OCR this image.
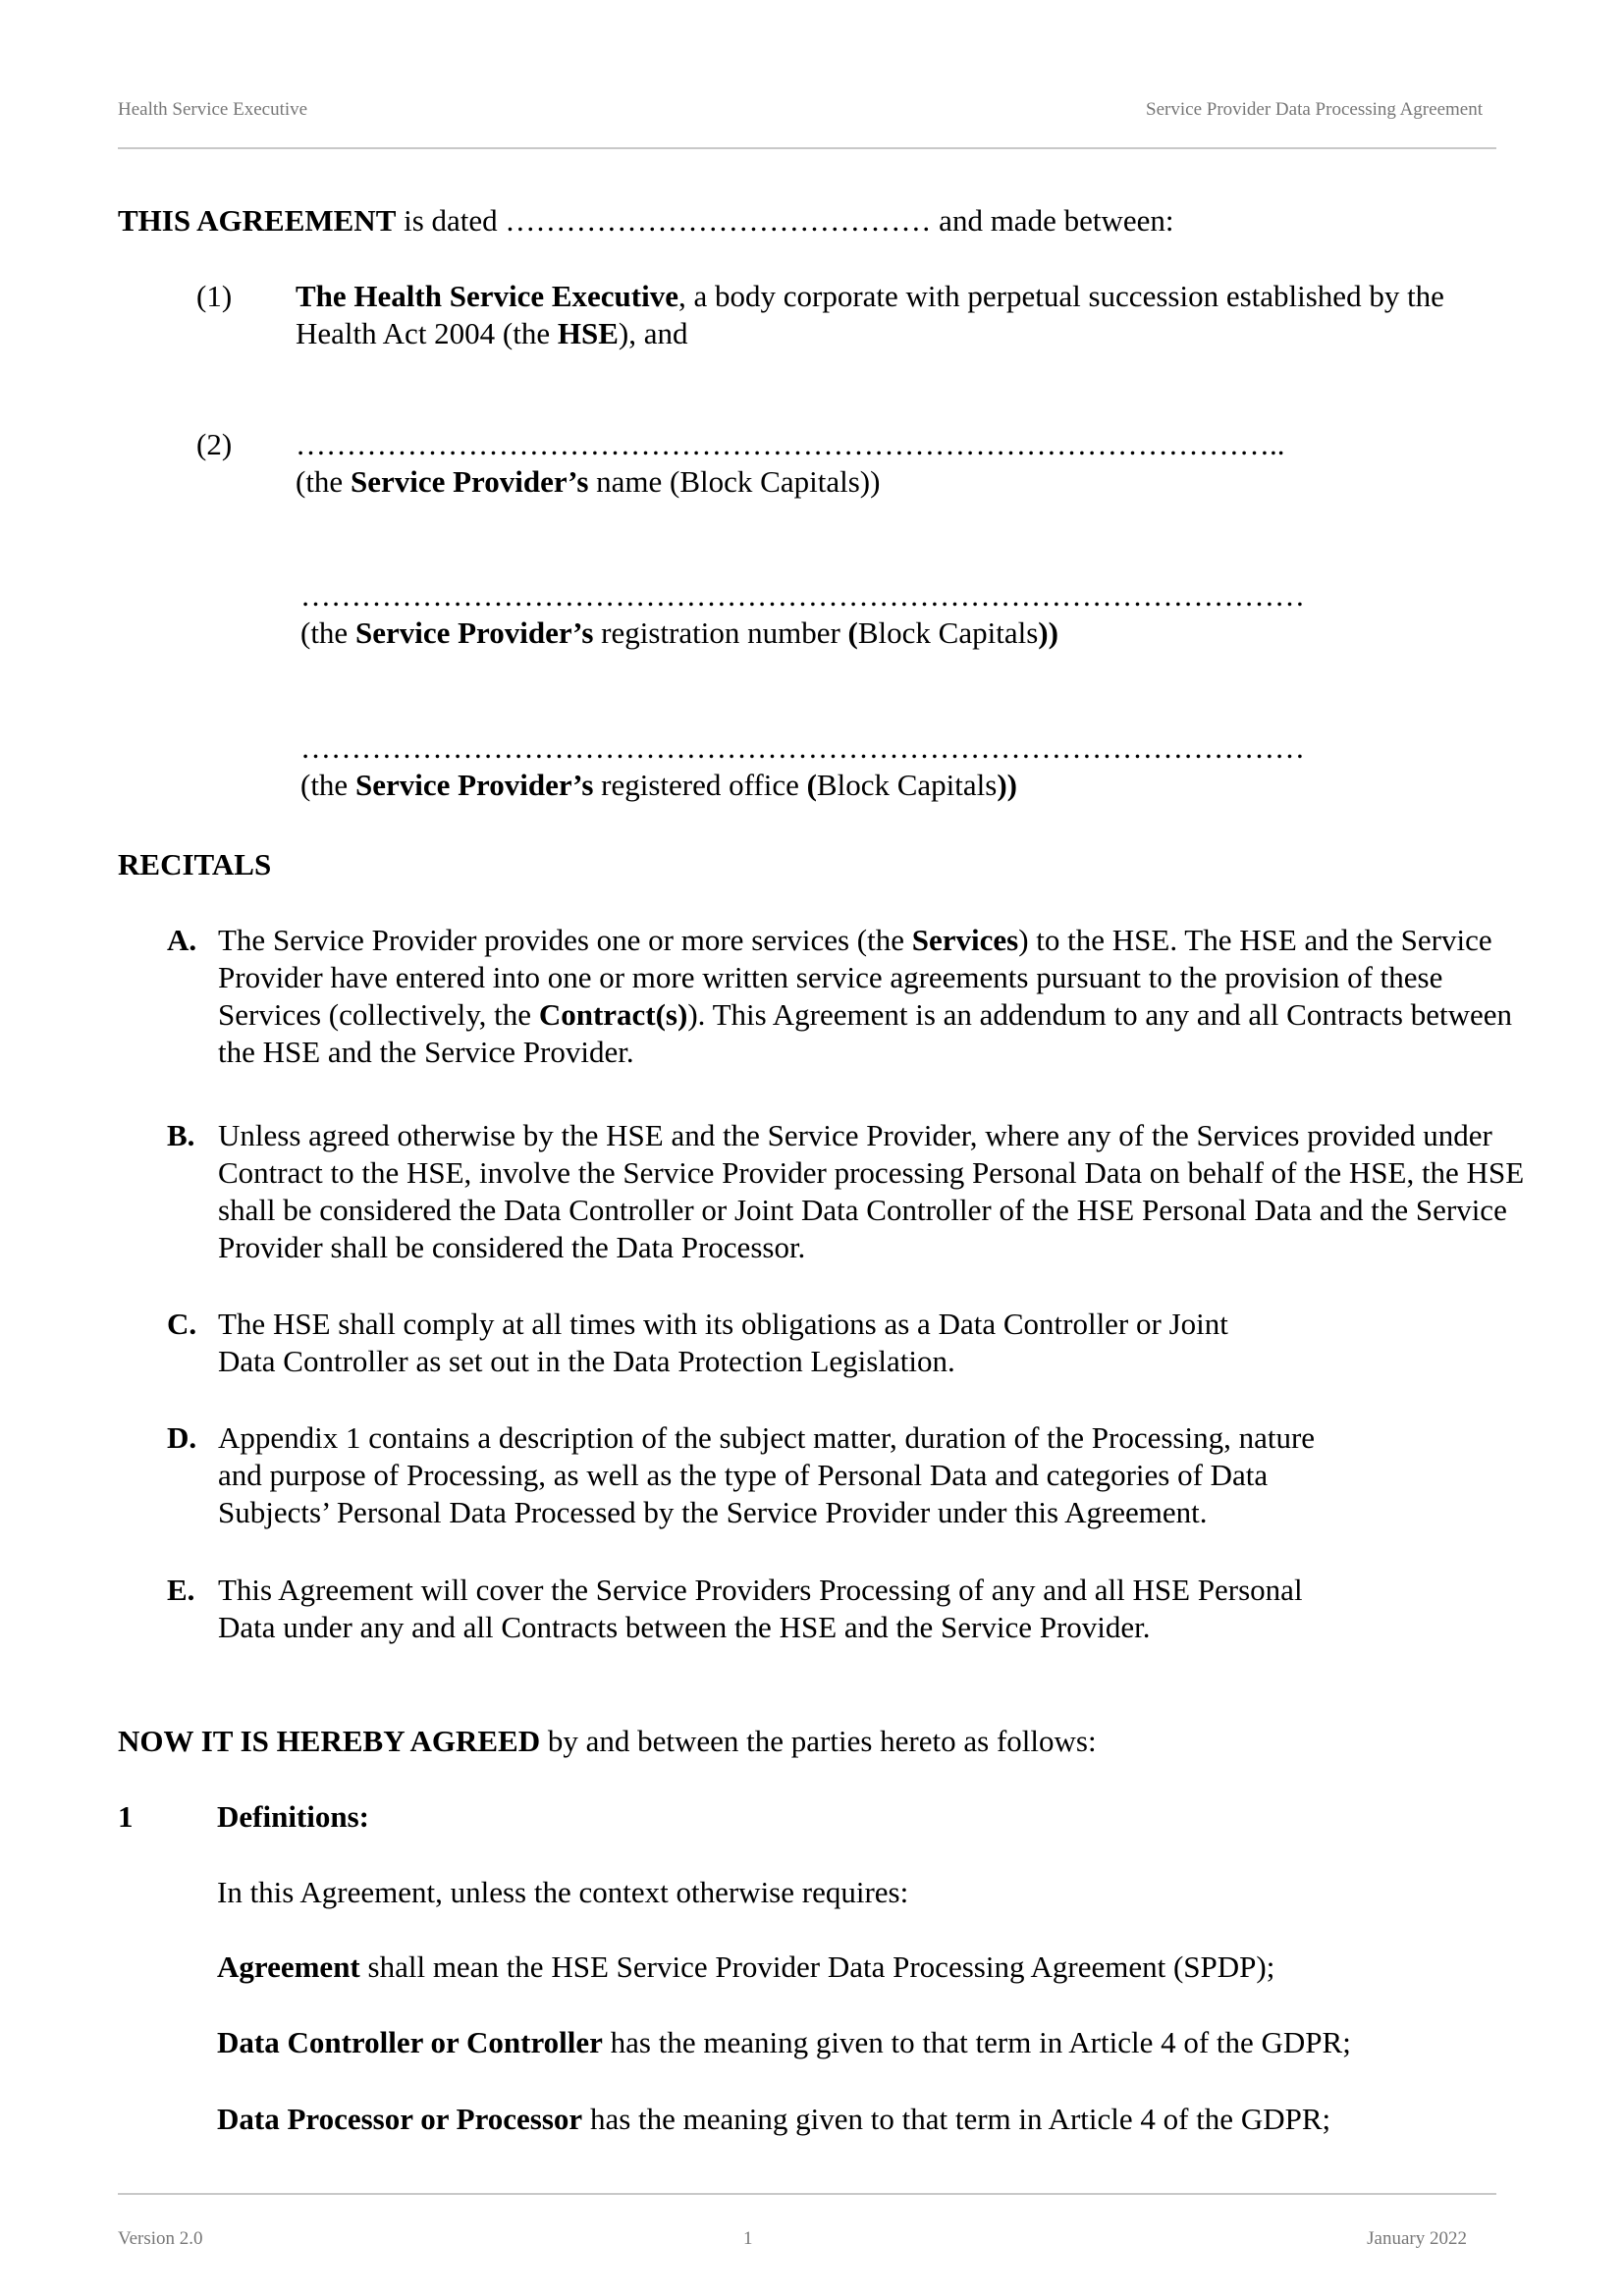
Health Service Executive	Service Provider Data Processing Agreement
THIS AGREEMENT is dated …………………………………… and made between:
(1) The Health Service Executive, a body corporate with perpetual succession established by the Health Act 2004 (the HSE), and
(2) ……………………………………………………………………………………..
(the Service Provider’s name (Block Capitals))
………………………………………………………………………………………
(the Service Provider’s registration number (Block Capitals))
………………………………………………………………………………………
(the Service Provider’s registered office (Block Capitals))
RECITALS
A. The Service Provider provides one or more services (the Services) to the HSE. The HSE and the Service Provider have entered into one or more written service agreements pursuant to the provision of these Services (collectively, the Contract(s)). This Agreement is an addendum to any and all Contracts between the HSE and the Service Provider.
B. Unless agreed otherwise by the HSE and the Service Provider, where any of the Services provided under Contract to the HSE, involve the Service Provider processing Personal Data on behalf of the HSE, the HSE shall be considered the Data Controller or Joint Data Controller of the HSE Personal Data and the Service Provider shall be considered the Data Processor.
C. The HSE shall comply at all times with its obligations as a Data Controller or Joint
Data Controller as set out in the Data Protection Legislation.
D. Appendix 1 contains a description of the subject matter, duration of the Processing, nature
and purpose of Processing, as well as the type of Personal Data and categories of Data
Subjects’ Personal Data Processed by the Service Provider under this Agreement.
E. This Agreement will cover the Service Providers Processing of any and all HSE Personal
Data under any and all Contracts between the HSE and the Service Provider.
NOW IT IS HEREBY AGREED by and between the parties hereto as follows:
1	Definitions:
In this Agreement, unless the context otherwise requires:
Agreement shall mean the HSE Service Provider Data Processing Agreement (SPDP);
Data Controller or Controller has the meaning given to that term in Article 4 of the GDPR;
Data Processor or Processor has the meaning given to that term in Article 4 of the GDPR;
Version 2.0	1	January 2022
